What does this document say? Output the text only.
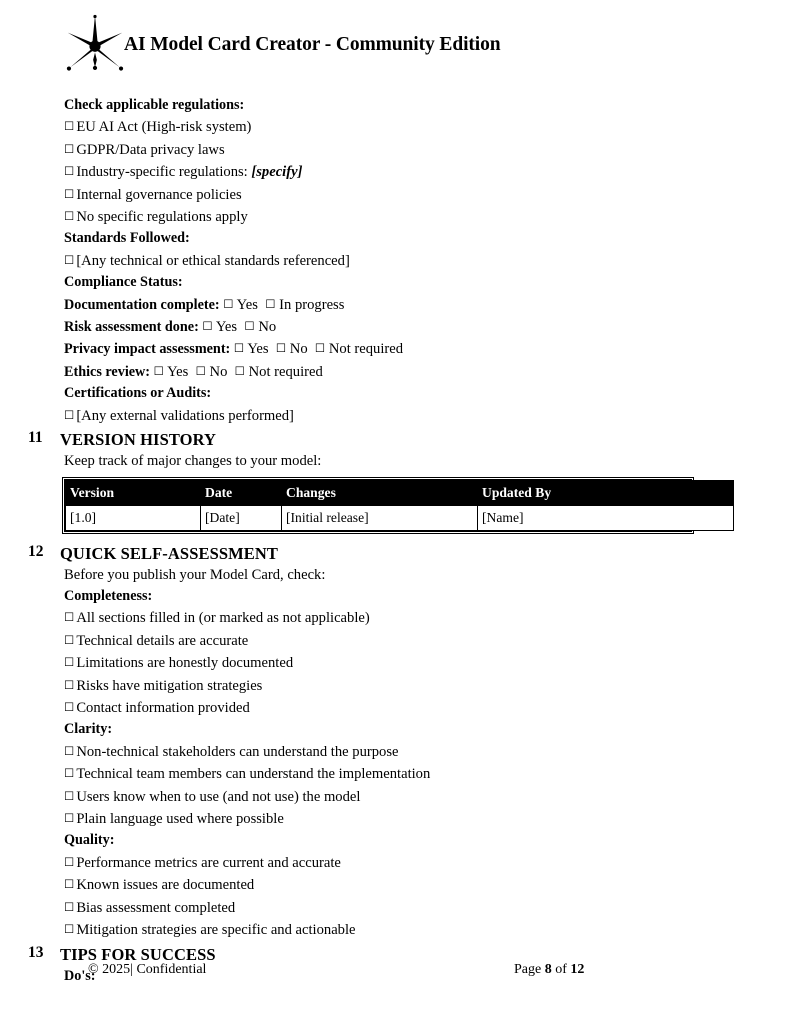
AI Model Card Creator - Community Edition
Check applicable regulations:
☐ EU AI Act (High-risk system)
☐ GDPR/Data privacy laws
☐ Industry-specific regulations: [specify]
☐ Internal governance policies
☐ No specific regulations apply
Standards Followed:
☐ [Any technical or ethical standards referenced]
Compliance Status:
Documentation complete: ☐ Yes ☐ In progress
Risk assessment done: ☐ Yes ☐ No
Privacy impact assessment: ☐ Yes ☐ No ☐ Not required
Ethics review: ☐ Yes ☐ No ☐ Not required
Certifications or Audits:
☐ [Any external validations performed]
11 VERSION HISTORY
Keep track of major changes to your model:
Version	Date	Changes	Updated By
[1.0]	[Date]	[Initial release]	[Name]
12 QUICK SELF-ASSESSMENT
Before you publish your Model Card, check:
Completeness:
☐ All sections filled in (or marked as not applicable)
☐ Technical details are accurate
☐ Limitations are honestly documented
☐ Risks have mitigation strategies
☐ Contact information provided
Clarity:
☐ Non-technical stakeholders can understand the purpose
☐ Technical team members can understand the implementation
☐ Users know when to use (and not use) the model
☐ Plain language used where possible
Quality:
☐ Performance metrics are current and accurate
☐ Known issues are documented
☐ Bias assessment completed
☐ Mitigation strategies are specific and actionable
13 TIPS FOR SUCCESS
Do's:
© 2025| Confidential	Page 8 of 12
